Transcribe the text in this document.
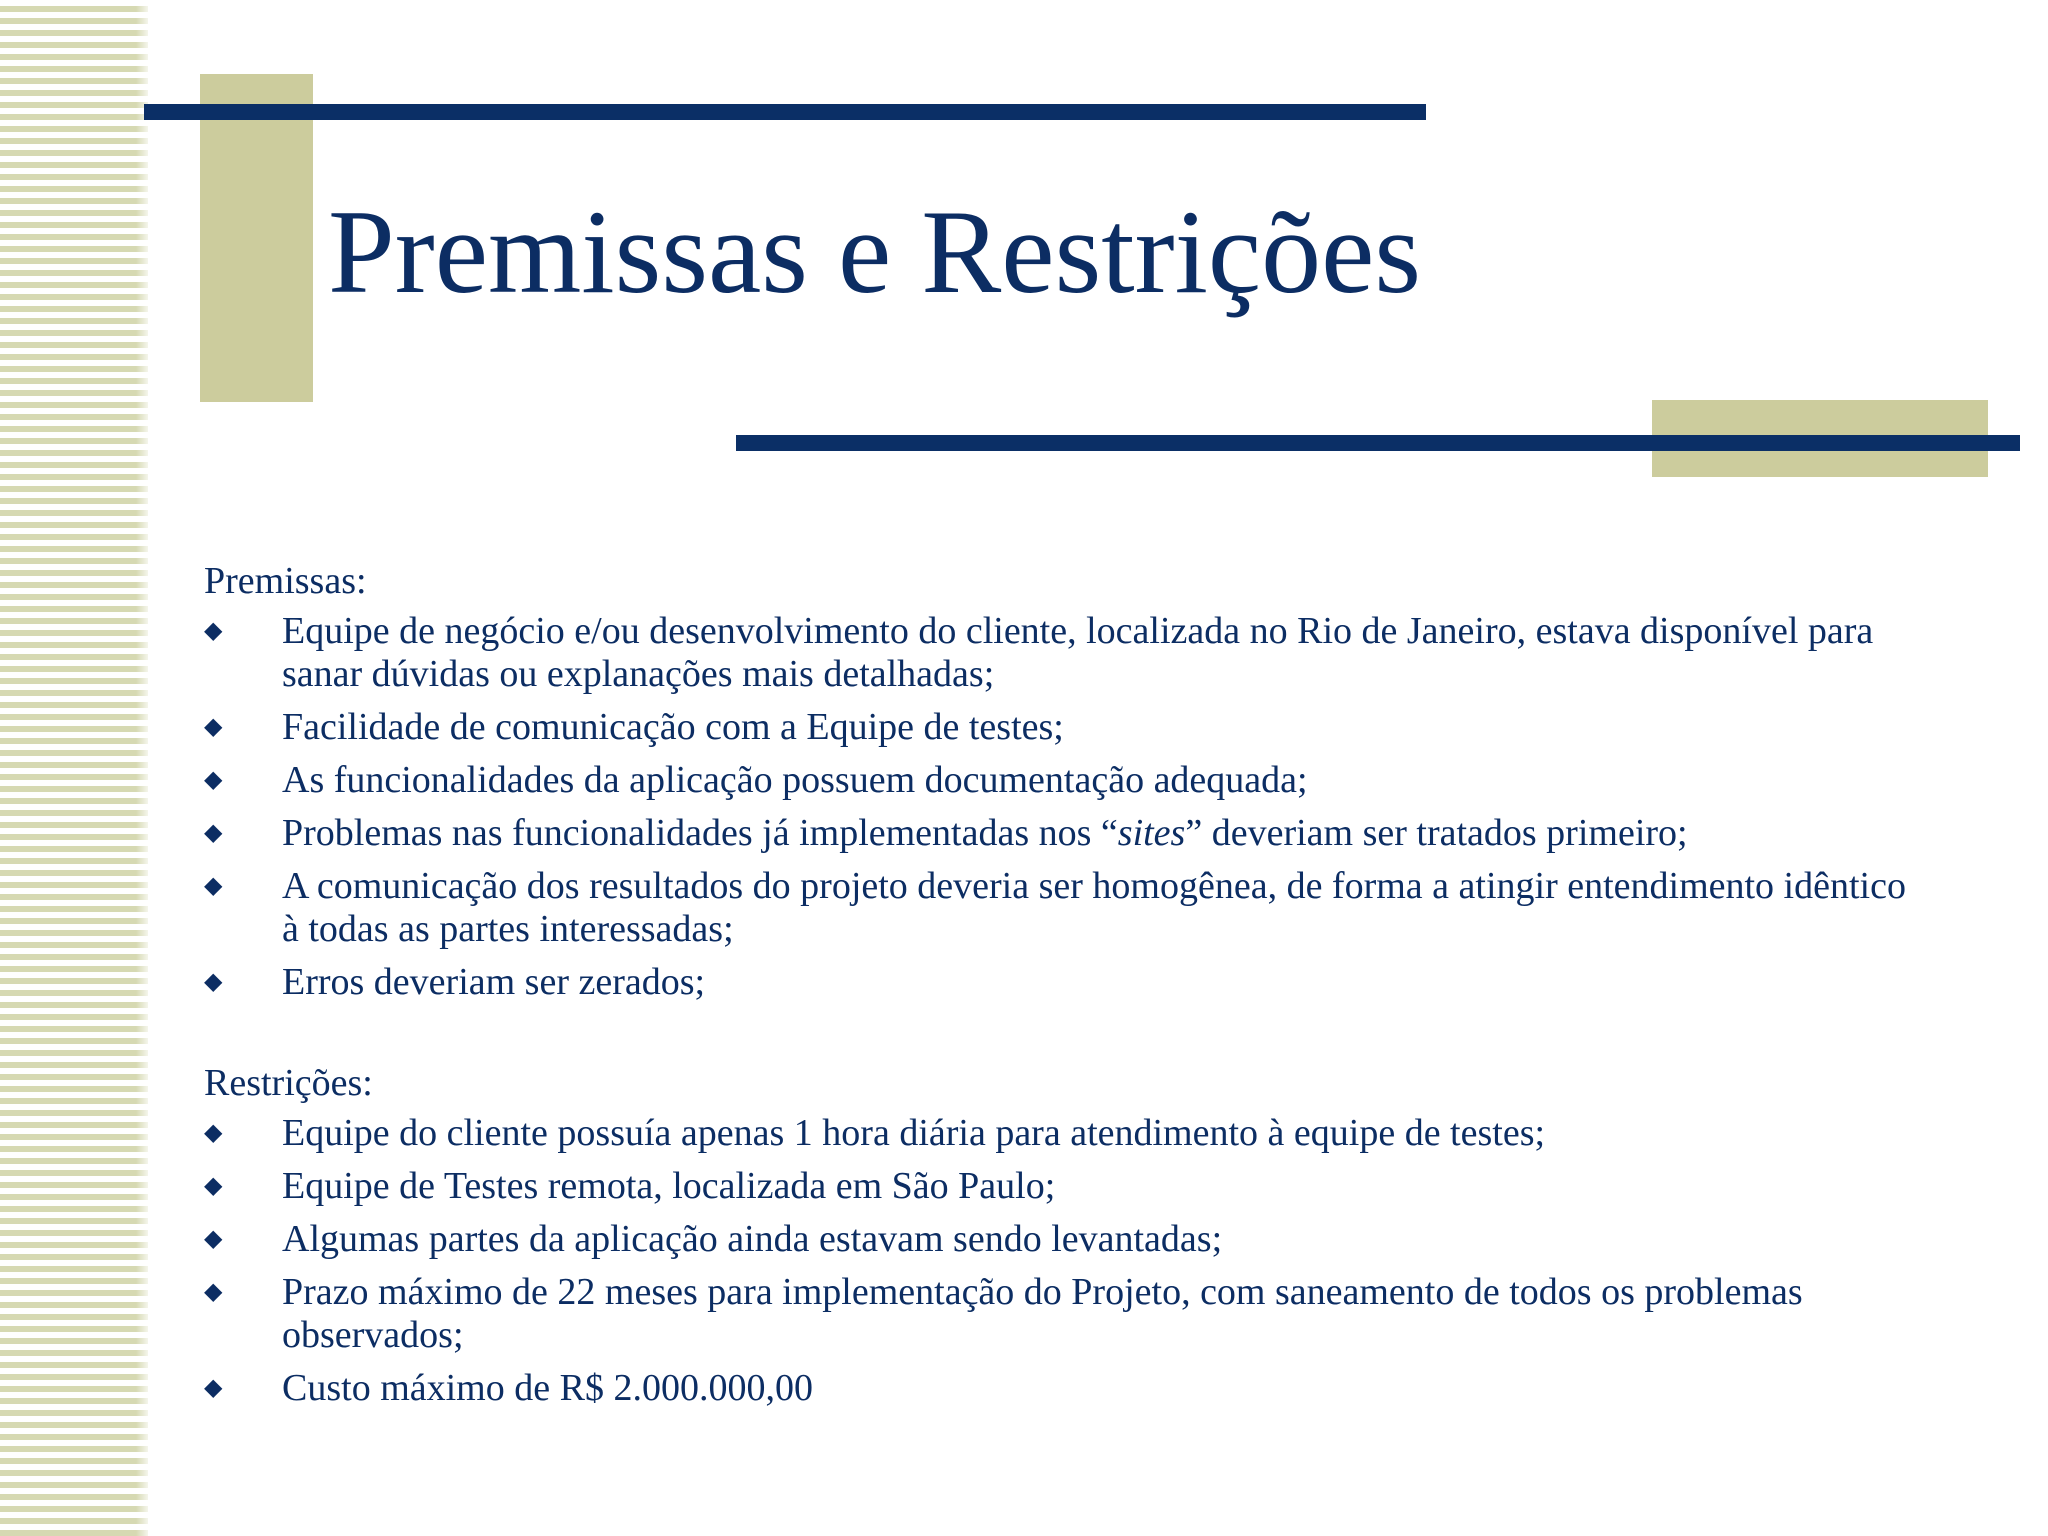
Premissas e Restrições
Premissas:
◆	Equipe de negócio e/ou desenvolvimento do cliente, localizada no Rio de Janeiro, estava disponível para sanar dúvidas ou explanações mais detalhadas;
◆	Facilidade de comunicação com a Equipe de testes;
◆	As funcionalidades da aplicação possuem documentação adequada;
◆	Problemas nas funcionalidades já implementadas nos “sites” deveriam ser tratados primeiro;
◆	A comunicação dos resultados do projeto deveria ser homogênea, de forma a atingir entendimento idêntico à todas as partes interessadas;
◆	Erros deveriam ser zerados;
Restrições:
◆	Equipe do cliente possuía apenas 1 hora diária para atendimento à equipe de testes;
◆	Equipe de Testes remota, localizada em São Paulo;
◆	Algumas partes da aplicação ainda estavam sendo levantadas;
◆	Prazo máximo de 22 meses para implementação do Projeto, com saneamento de todos os problemas observados;
◆	Custo máximo de R$ 2.000.000,00
